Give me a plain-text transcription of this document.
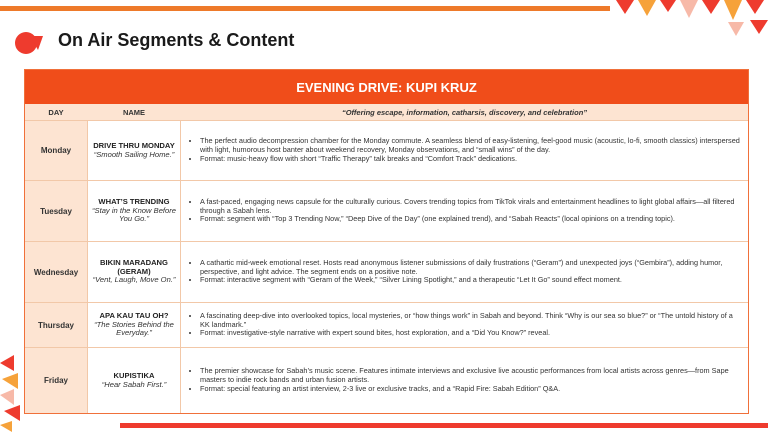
On Air Segments & Content
EVENING DRIVE: KUPI KRUZ
DAY	NAME	“Offering escape, information, catharsis, discovery, and celebration”
Monday
DRIVE THRU MONDAY
“Smooth Sailing Home.”
• The perfect audio decompression chamber for the Monday commute. A seamless blend of easy-listening, feel-good music (acoustic, lo-fi, smooth classics) interspersed with light, humorous host banter about weekend recovery, Monday observations, and “small wins” of the day.
• Format: music-heavy flow with short “Traffic Therapy” talk breaks and “Comfort Track” dedications.
Tuesday
WHAT’S TRENDING
“Stay in the Know Before You Go.”
• A fast-paced, engaging news capsule for the culturally curious. Covers trending topics from TikTok virals and entertainment headlines to light global affairs—all filtered through a Sabah lens.
• Format: segment with “Top 3 Trending Now,” “Deep Dive of the Day” (one explained trend), and “Sabah Reacts” (local opinions on a trending topic).
Wednesday
BIKIN MARADANG (GERAM)
“Vent, Laugh, Move On.”
• A cathartic mid-week emotional reset. Hosts read anonymous listener submissions of daily frustrations (“Geram”) and unexpected joys (“Gembira”), adding humor, perspective, and light advice. The segment ends on a positive note.
• Format: interactive segment with “Geram of the Week,” “Silver Lining Spotlight,” and a therapeutic “Let It Go” sound effect moment.
Thursday
APA KAU TAU OH?
“The Stories Behind the Everyday.”
• A fascinating deep-dive into overlooked topics, local mysteries, or “how things work” in Sabah and beyond. Think “Why is our sea so blue?” or “The untold history of a KK landmark.”
• Format: investigative-style narrative with expert sound bites, host exploration, and a “Did You Know?” reveal.
Friday
KUPISTIKA
“Hear Sabah First.”
• The premier showcase for Sabah’s music scene. Features intimate interviews and exclusive live acoustic performances from local artists across genres—from Sape masters to indie rock bands and urban fusion artists.
• Format: special featuring an artist interview, 2-3 live or exclusive tracks, and a “Rapid Fire: Sabah Edition” Q&A.
